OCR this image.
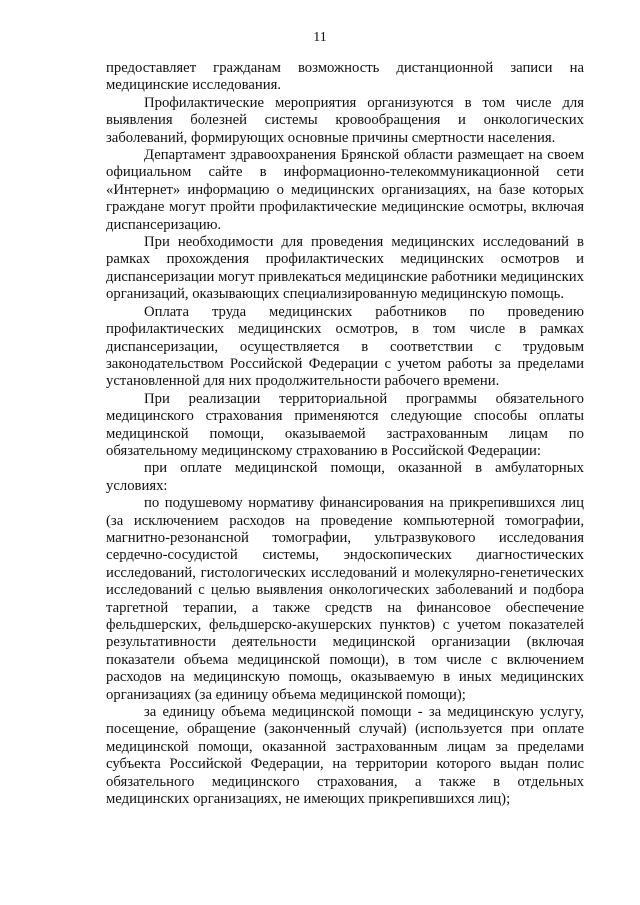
11

предоставляет гражданам возможность дистанционной записи на медицинские исследования.

Профилактические мероприятия организуются в том числе для выявления болезней системы кровообращения и онкологических заболеваний, формирующих основные причины смертности населения.

Департамент здравоохранения Брянской области размещает на своем официальном сайте в информационно-телекоммуникационной сети «Интернет» информацию о медицинских организациях, на базе которых граждане могут пройти профилактические медицинские осмотры, включая диспансеризацию.

При необходимости для проведения медицинских исследований в рамках прохождения профилактических медицинских осмотров и диспансеризации могут привлекаться медицинские работники медицинских организаций, оказывающих специализированную медицинскую помощь.

Оплата труда медицинских работников по проведению профилактических медицинских осмотров, в том числе в рамках диспансеризации, осуществляется в соответствии с трудовым законодательством Российской Федерации с учетом работы за пределами установленной для них продолжительности рабочего времени.

При реализации территориальной программы обязательного медицинского страхования применяются следующие способы оплаты медицинской помощи, оказываемой застрахованным лицам по обязательному медицинскому страхованию в Российской Федерации:

при оплате медицинской помощи, оказанной в амбулаторных условиях:

по подушевому нормативу финансирования на прикрепившихся лиц (за исключением расходов на проведение компьютерной томографии, магнитно-резонансной томографии, ультразвукового исследования сердечно-сосудистой системы, эндоскопических диагностических исследований, гистологических исследований и молекулярно-генетических исследований с целью выявления онкологических заболеваний и подбора таргетной терапии, а также средств на финансовое обеспечение фельдшерских, фельдшерско-акушерских пунктов) с учетом показателей результативности деятельности медицинской организации (включая показатели объема медицинской помощи), в том числе с включением расходов на медицинскую помощь, оказываемую в иных медицинских организациях (за единицу объема медицинской помощи);

за единицу объема медицинской помощи - за медицинскую услугу, посещение, обращение (законченный случай) (используется при оплате медицинской помощи, оказанной застрахованным лицам за пределами субъекта Российской Федерации, на территории которого выдан полис обязательного медицинского страхования, а также в отдельных медицинских организациях, не имеющих прикрепившихся лиц);
